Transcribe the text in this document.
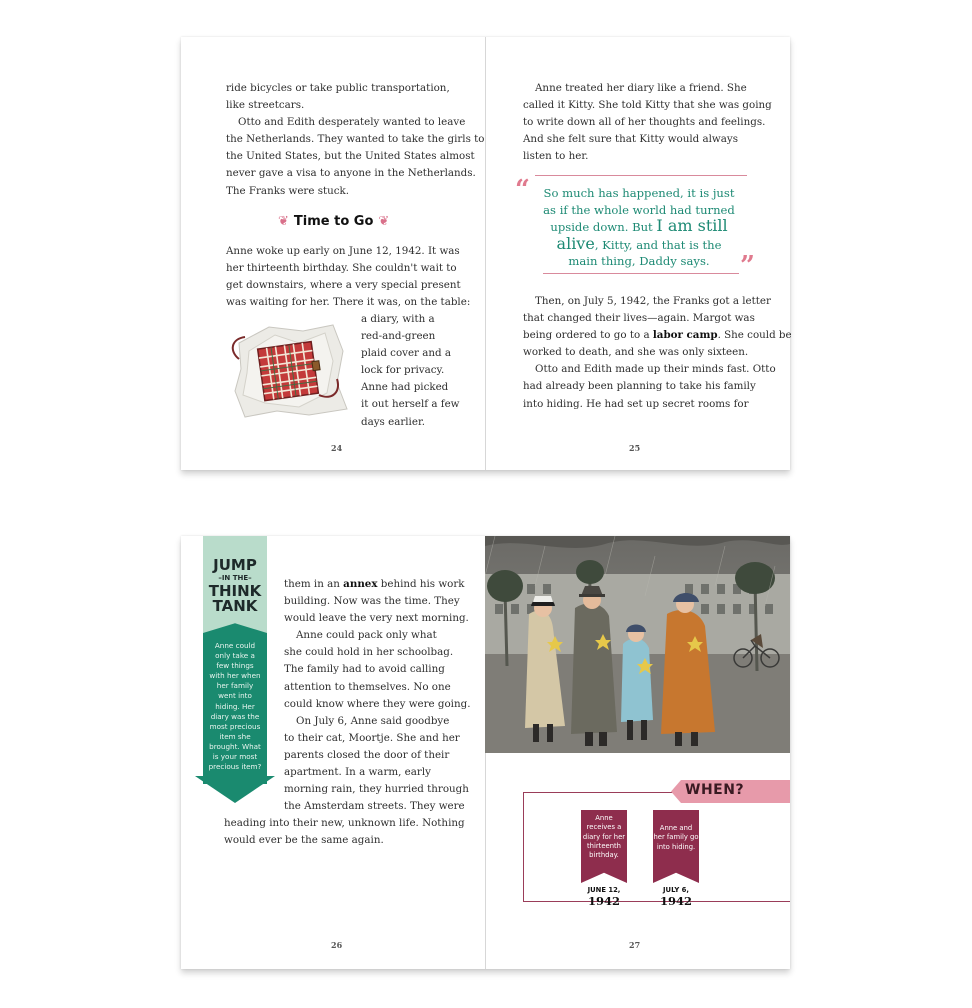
ride bicycles or take public transportation,

like streetcars.

Otto and Edith desperately wanted to leave

the Netherlands. They wanted to take the girls to

the United States, but the United States almost

never gave a visa to anyone in the Netherlands.

The Franks were stuck.

❦ Time to Go ❦

Anne woke up early on June 12, 1942. It was

her thirteenth birthday. She couldn't wait to

get downstairs, where a very special present

was waiting for her. There it was, on the table:

a diary, with a

red-and-green

plaid cover and a

lock for privacy.

Anne had picked

it out herself a few

days earlier.

24

Anne treated her diary like a friend. She

called it Kitty. She told Kitty that she was going

to write down all of her thoughts and feelings.

And she felt sure that Kitty would always

listen to her.

“
”
So much has happened, it is just
as if the whole world had turned
upside down. But I am still
alive, Kitty, and that is the
main thing, Daddy says.

Then, on July 5, 1942, the Franks got a letter

that changed their lives—again. Margot was

being ordered to go to a labor camp. She could be

worked to death, and she was only sixteen.

Otto and Edith made up their minds fast. Otto

had already been planning to take his family

into hiding. He had set up secret rooms for

25
JUMP
–IN THE–
THINK
TANK
Anne could
only take a
few things
with her when
her family
went into
hiding. Her
diary was the
most precious
item she
brought. What
is your most
precious item?

them in an annex behind his work

building. Now was the time. They

would leave the very next morning.

Anne could pack only what

she could hold in her schoolbag.

The family had to avoid calling

attention to themselves. No one

could know where they were going.

On July 6, Anne said goodbye

to their cat, Moortje. She and her

parents closed the door of their

apartment. In a warm, early

morning rain, they hurried through

the Amsterdam streets. They were

heading into their new, unknown life. Nothing

would ever be the same again.

26
WHEN?
Anne
receives a
diary for her
thirteenth
birthday.
JUNE 12,
1942
Anne and
her family go
into hiding.
JULY 6,
1942
27
